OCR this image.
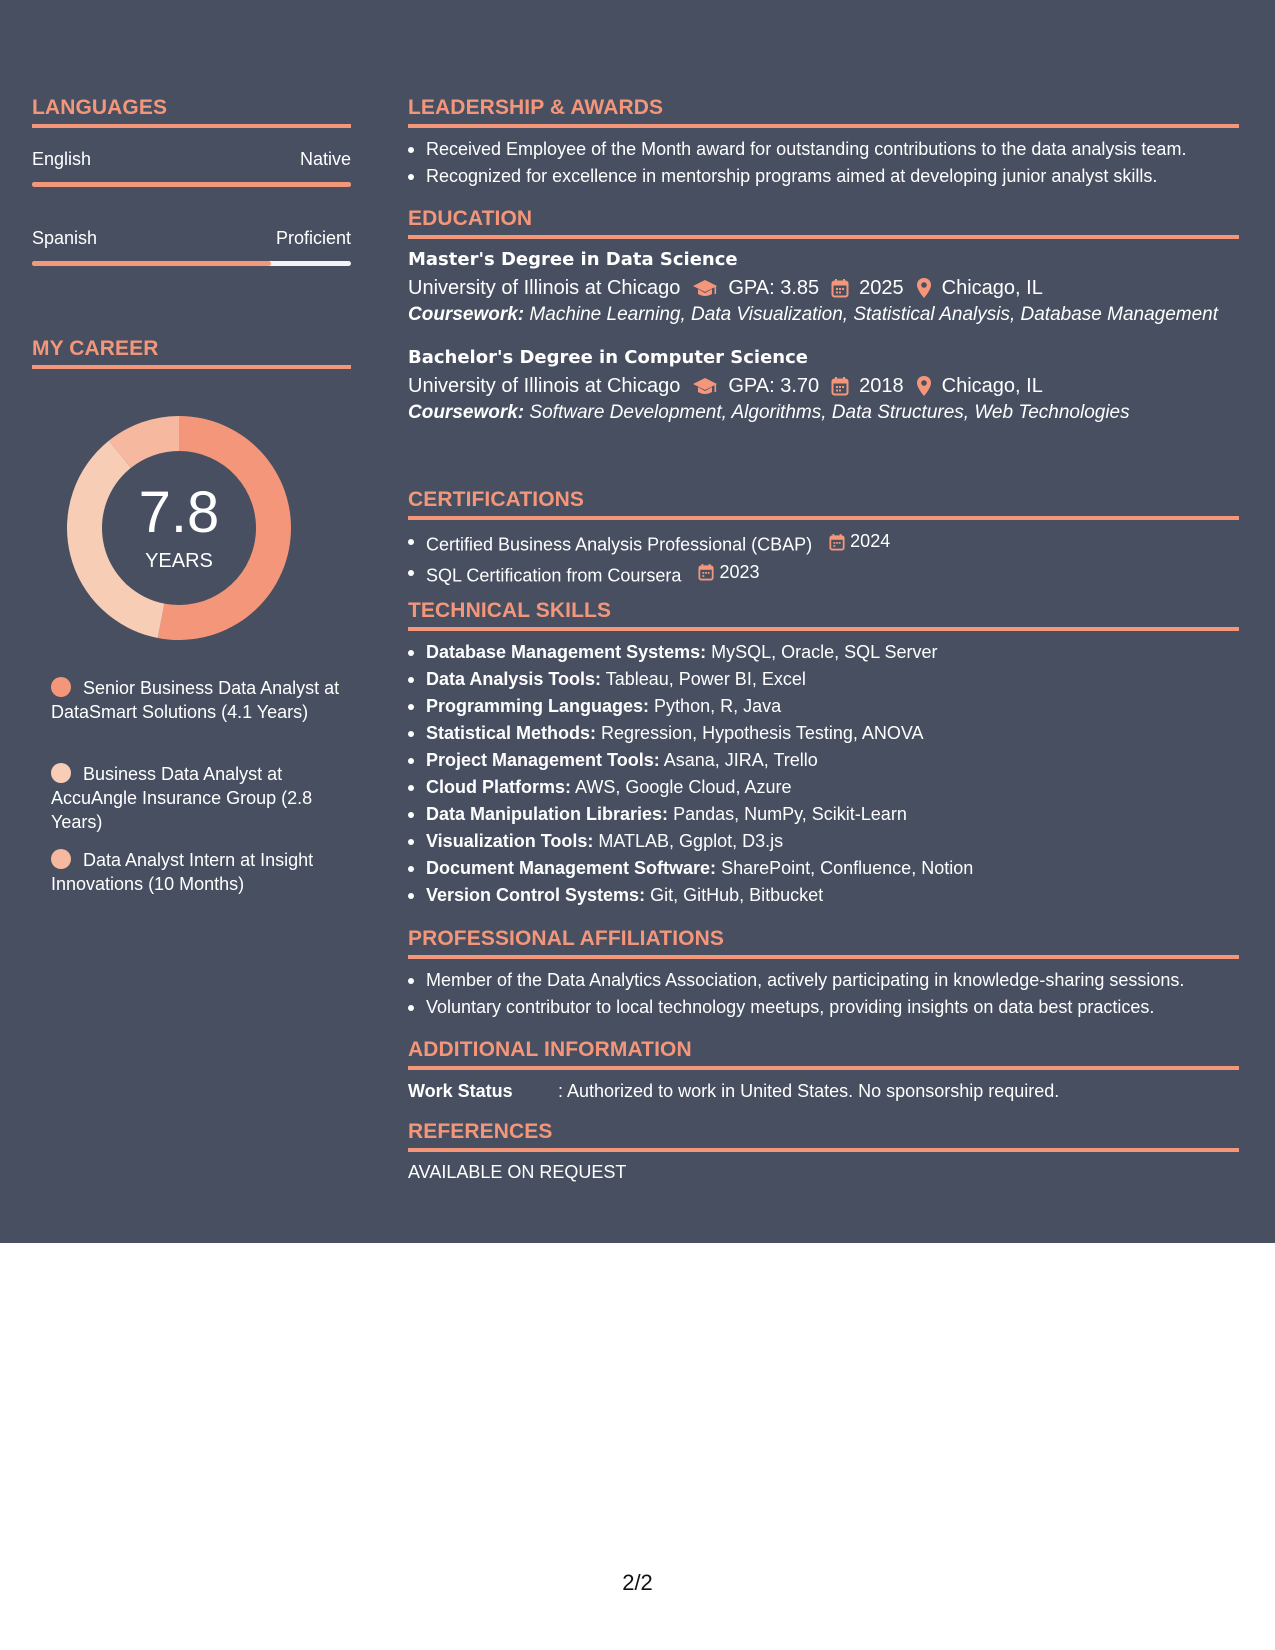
LANGUAGES
English	Native
Spanish	Proficient
MY CAREER
7.8
YEARS
Senior Business Data Analyst at DataSmart Solutions (4.1 Years)
Business Data Analyst at AccuAngle Insurance Group (2.8 Years)
Data Analyst Intern at Insight Innovations (10 Months)
LEADERSHIP & AWARDS
Received Employee of the Month award for outstanding contributions to the data analysis team.
Recognized for excellence in mentorship programs aimed at developing junior analyst skills.
EDUCATION
Master's Degree in Data Science
University of Illinois at Chicago GPA: 3.85 2025 Chicago, IL
Coursework: Machine Learning, Data Visualization, Statistical Analysis, Database Management
Bachelor's Degree in Computer Science
University of Illinois at Chicago GPA: 3.70 2018 Chicago, IL
Coursework: Software Development, Algorithms, Data Structures, Web Technologies
CERTIFICATIONS
Certified Business Analysis Professional (CBAP) 2024
SQL Certification from Coursera 2023
TECHNICAL SKILLS
Database Management Systems: MySQL, Oracle, SQL Server
Data Analysis Tools: Tableau, Power BI, Excel
Programming Languages: Python, R, Java
Statistical Methods: Regression, Hypothesis Testing, ANOVA
Project Management Tools: Asana, JIRA, Trello
Cloud Platforms: AWS, Google Cloud, Azure
Data Manipulation Libraries: Pandas, NumPy, Scikit-Learn
Visualization Tools: MATLAB, Ggplot, D3.js
Document Management Software: SharePoint, Confluence, Notion
Version Control Systems: Git, GitHub, Bitbucket
PROFESSIONAL AFFILIATIONS
Member of the Data Analytics Association, actively participating in knowledge-sharing sessions.
Voluntary contributor to local technology meetups, providing insights on data best practices.
ADDITIONAL INFORMATION
Work Status	: Authorized to work in United States. No sponsorship required.
REFERENCES
AVAILABLE ON REQUEST
2/2
